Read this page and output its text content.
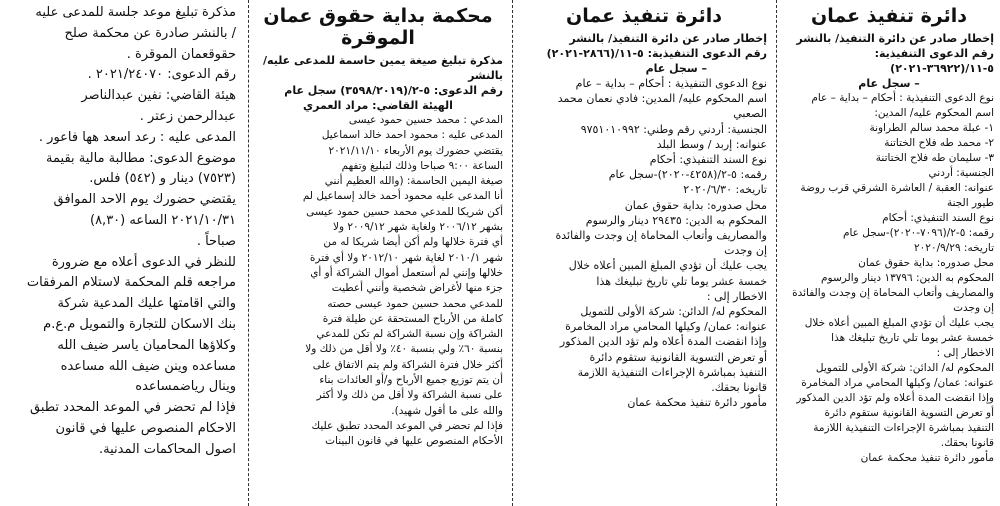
دائرة تنفيذ عمان
إخطار صادر عن دائرة التنفيذ/ بالنشر
رقم الدعوى التنفيذية: ٥-١١/(٣٦٩٢٢-٢٠٢١)
– سجل عام
نوع الدعوى التنفيذية : أحكام – بداية – عام
اسم المحكوم عليه/ المدين:
١- عبلة محمد سالم الطراونة
٢- محمد طه فلاح الختاتنة
٣- سليمان طه فلاح الختاتنة
الجنسية: أردني
عنوانه: العقبة / العاشرة الشرقي قرب روضة
طيور الجنة
نوع السند التنفيذي: أحكام
رقمه: ٥-٢/(٧٠٩٦-٢٠٢٠)-سجل عام
تاريخه: ٢٠٢٠/٩/٢٩
محل صدوره: بداية حقوق عمان
المحكوم به الدين: ١٣٧٩٦ دينار والرسوم
والمصاريف وأتعاب المحاماة إن وجدت والفائدة
إن وجدت
يجب عليك أن تؤدي المبلغ المبين أعلاه خلال
خمسة عشر يوما تلي تاريخ تبليغك هذا
الاخطار إلى :
المحكوم له/ الدائن: شركة الأولى للتمويل
عنوانه: عمان/ وكيلها المحامي مراد المخامرة
وإذا انقضت المدة أعلاه ولم تؤد الدين المذكور
أو تعرض التسوية القانونية ستقوم دائرة
التنفيذ بمباشرة الإجراءات التنفيذية اللازمة
قانونا بحقك.
مأمور دائرة تنفيذ محكمة عمان
دائرة تنفيذ عمان
إخطار صادر عن دائرة التنفيذ/ بالنشر
رقم الدعوى التنفيذية: ٥-١١/(٢٨٦٦-٢٠٢١)
– سجل عام
نوع الدعوى التنفيذية : أحكام – بداية – عام
اسم المحكوم عليه/ المدين: فادي نعمان محمد
الصعبي
الجنسية: أردني رقم وطني: ٩٧٥١٠١٠٩٩٢
عنوانه: إربد / وسط البلد
نوع السند التنفيذي: أحكام
رقمه: ٥-٢/(٤٢٥٨-٢٠٢٠)-سجل عام
تاريخه: ٢٠٢٠/٦/٣٠
محل صدوره: بداية حقوق عمان
المحكوم به الدين: ٢٩٤٣٥ دينار والرسوم
والمصاريف وأتعاب المحاماة إن وجدت والفائدة
إن وجدت
يجب عليك أن تؤدي المبلغ المبين أعلاه خلال
خمسة عشر يوما تلي تاريخ تبليغك هذا
الاخطار إلى :
المحكوم له/ الدائن: شركة الأولى للتمويل
عنوانه: عمان/ وكيلها المحامي مراد المخامرة
وإذا انقضت المدة أعلاه ولم تؤد الدين المذكور
أو تعرض التسوية القانونية ستقوم دائرة
التنفيذ بمباشرة الإجراءات التنفيذية اللازمة
قانونا بحقك.
مأمور دائرة تنفيذ محكمة عمان
محكمة بداية حقوق عمان الموقرة
مذكرة تبليغ صيغة يمين حاسمة للمدعى عليه/ بالنشر
رقم الدعوى: ٥-٢/(٣٥٩٨/٢٠١٩) سجل عام
الهيئة القاضي: مراد العمري
المدعي : محمد حسين حمود عيسى
المدعى عليه : محمود احمد خالد اسماعيل
يقتضي حضورك يوم الأربعاء ٢٠٢١/١١/١٠
الساعة ٩:٠٠ صباحا وذلك لتبليغ وتفهم
صيغة اليمين الحاسمة: (والله العظيم أنني
أنا المدعى عليه محمود أحمد خالد إسماعيل لم
أكن شريكا للمدعي محمد حسين حمود عيسى
بشهر ٢٠٠٦/١٢ ولغاية شهر ٢٠٠٩/١٢ ولا
أي فترة خلالها ولم أكن أيضا شريكا له من
شهر ٢٠١٠/١ لغاية شهر ٢٠١٢/١٠ ولا أي فترة
خلالها وإنني لم أستعمل أموال الشراكة أو أي
جزء منها لأغراض شخصية وأنني أعطيت
للمدعي محمد حسين حمود عيسى حصته
كاملة من الأرباح المستحقة عن طيلة فترة
الشراكة وإن نسبة الشراكة لم تكن للمدعي
بنسبة ٦٠٪ ولي بنسبة ٤٠٪ ولا أقل من ذلك ولا
أكثر خلال فترة الشراكة ولم يتم الاتفاق على
أن يتم توزيع جميع الأرباح و/أو العائدات بناء
على نسبة الشراكة ولا أقل من ذلك ولا أكثر
والله على ما أقول شهيد).
فإذا لم تحضر في الموعد المحدد تطبق عليك
الأحكام المنصوص عليها في قانون البينات
مذكرة تبليغ موعد جلسة للمدعى عليه
/ بالنشر صادرة عن محكمة صلح
حقوقعمان الموقرة .
رقم الدعوى: ٢٠٢١/٢٤٠٧٠ .
هيئة القاضي: نفين عبدالناصر
عبدالرحمن زعتر .
المدعى عليه : رعد اسعد هها فاعور .
موضوع الدعوى: مطالبة مالية بقيمة
(٧٥٢٣) دينار و (٥٤٢) فلس.
يقتضي حضورك يوم الاحد الموافق
٢٠٢١/١٠/٣١ الساعه (٨,٣٠)
صباحاً .
للنظر في الدعوى أعلاه مع ضرورة
مراجعه قلم المحكمة لاستلام المرفقات
والتي اقامتها عليك المدعية شركة
بنك الاسكان للتجارة والتمويل م.ع.م
وكلاؤها المحاميان ياسر ضيف الله
مساعده وينن ضيف الله مساعده
وينال رياضمساعده
فإذا لم تحضر في الموعد المحدد تطبق
الاحكام المنصوص عليها في قانون
اصول المحاكمات المدنية.
